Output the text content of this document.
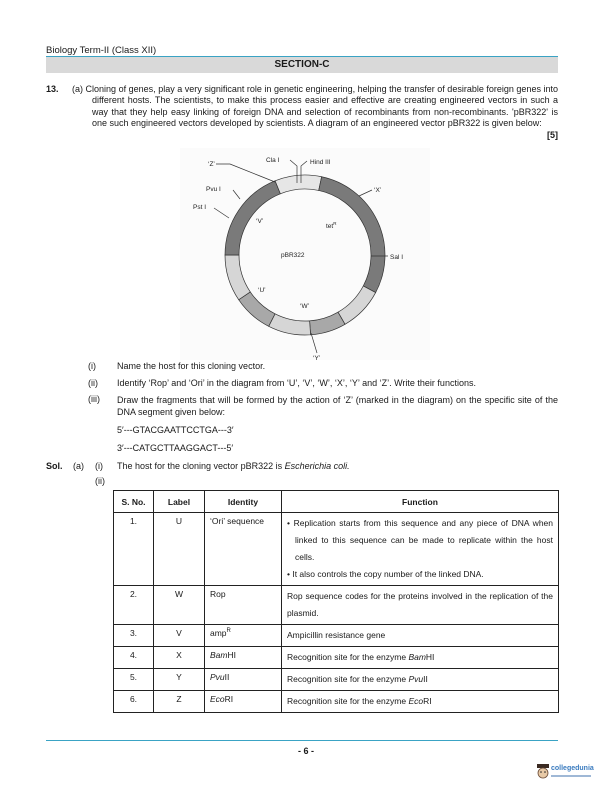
Biology Term-II (Class XII)
SECTION-C
13. (a) Cloning of genes, play a very significant role in genetic engineering, helping the transfer of desirable foreign genes into different hosts. The scientists, to make this process easier and effective are creating engineered vectors in such a way that they help easy linking of foreign DNA and selection of recombinants from non-recombinants. 'pBR322' is one such engineered vectors developed by scientists. A diagram of an engineered vector pBR322 is given below:
[5]
‘Z’
Cla I	Hind III
Pvu I
Pst I
‘X’
Sal I
‘V’
tet$^R$
pBR322
‘U’
‘W’
‘Y’
(i)	Name the host for this cloning vector.
(ii)	Identify ‘Rop’ and ‘Ori’ in the diagram from ‘U’, ‘V’, ‘W’, ‘X’, ‘Y’ and ‘Z’. Write their functions.
(iii)	Draw the fragments that will be formed by the action of ‘Z’ (marked in the diagram) on the specific site of the DNA segment given below:
5′---GTACGAATTCCTGA---3′
3′---CATGCTTAAGGACT---5′
Sol. (a) (i) The host for the cloning vector pBR322 is Escherichia coli.
(ii)
S. No.	Label	Identity	Function
1.	U	‘Ori’ sequence	• Replication starts from this sequence and any piece of DNA when linked to this sequence can be made to replicate within the host cells.
• It also controls the copy number of the linked DNA.

2.	W	Rop	Rop sequence codes for the proteins involved in the replication of the plasmid.
3.	V	amp$^R$	Ampicillin resistance gene
4.	X	BamHI	Recognition site for the enzyme BamHI
5.	Y	PvuII	Recognition site for the enzyme PvuII
6.	Z	EcoRI	Recognition site for the enzyme EcoRI
- 6 -
collegedunia
